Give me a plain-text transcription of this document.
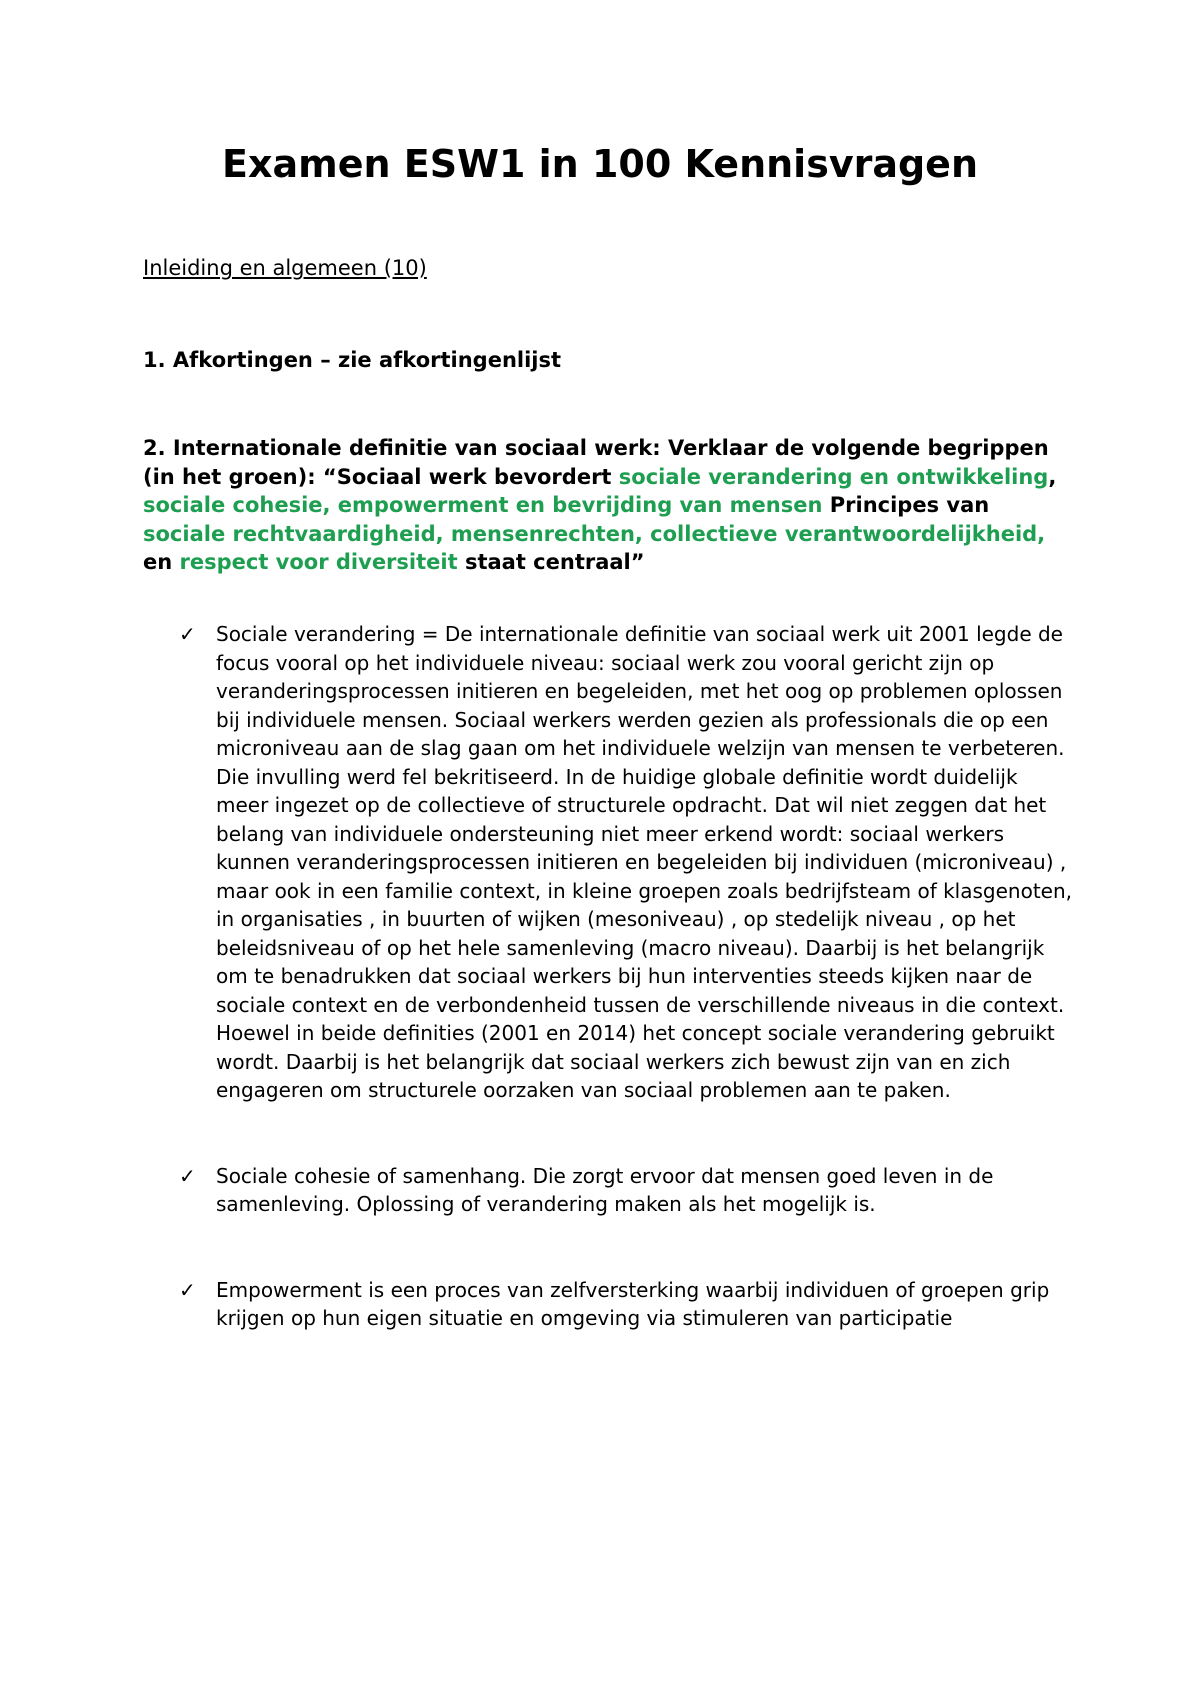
Examen ESW1 in 100 Kennisvragen

Inleiding en algemeen (10)

1. Afkortingen – zie afkortingenlijst

2. Internationale definitie van sociaal werk: Verklaar de volgende begrippen (in het groen): “Sociaal werk bevordert sociale verandering en ontwikkeling, sociale cohesie, empowerment en bevrijding van mensen Principes van sociale rechtvaardigheid, mensenrechten, collectieve verantwoordelijkheid, en respect voor diversiteit staat centraal”

✓ Sociale verandering = De internationale definitie van sociaal werk uit 2001 legde de focus vooral op het individuele niveau: sociaal werk zou vooral gericht zijn op veranderingsprocessen initieren en begeleiden, met het oog op problemen oplossen bij individuele mensen. Sociaal werkers werden gezien als professionals die op een microniveau aan de slag gaan om het individuele welzijn van mensen te verbeteren. Die invulling werd fel bekritiseerd. In de huidige globale definitie wordt duidelijk meer ingezet op de collectieve of structurele opdracht. Dat wil niet zeggen dat het belang van individuele ondersteuning niet meer erkend wordt: sociaal werkers kunnen veranderingsprocessen initieren en begeleiden bij individuen (microniveau) , maar ook in een familie context, in kleine groepen zoals bedrijfsteam of klasgenoten, in organisaties , in buurten of wijken (mesoniveau) , op stedelijk niveau , op het beleidsniveau of op het hele samenleving (macro niveau). Daarbij is het belangrijk om te benadrukken dat sociaal werkers bij hun interventies steeds kijken naar de sociale context en de verbondenheid tussen de verschillende niveaus in die context. Hoewel in beide definities (2001 en 2014) het concept sociale verandering gebruikt wordt. Daarbij is het belangrijk dat sociaal werkers zich bewust zijn van en zich engageren om structurele oorzaken van sociaal problemen aan te paken.
✓ Sociale cohesie of samenhang. Die zorgt ervoor dat mensen goed leven in de samenleving. Oplossing of verandering maken als het mogelijk is.
✓ Empowerment is een proces van zelfversterking waarbij individuen of groepen grip krijgen op hun eigen situatie en omgeving via stimuleren van participatie
